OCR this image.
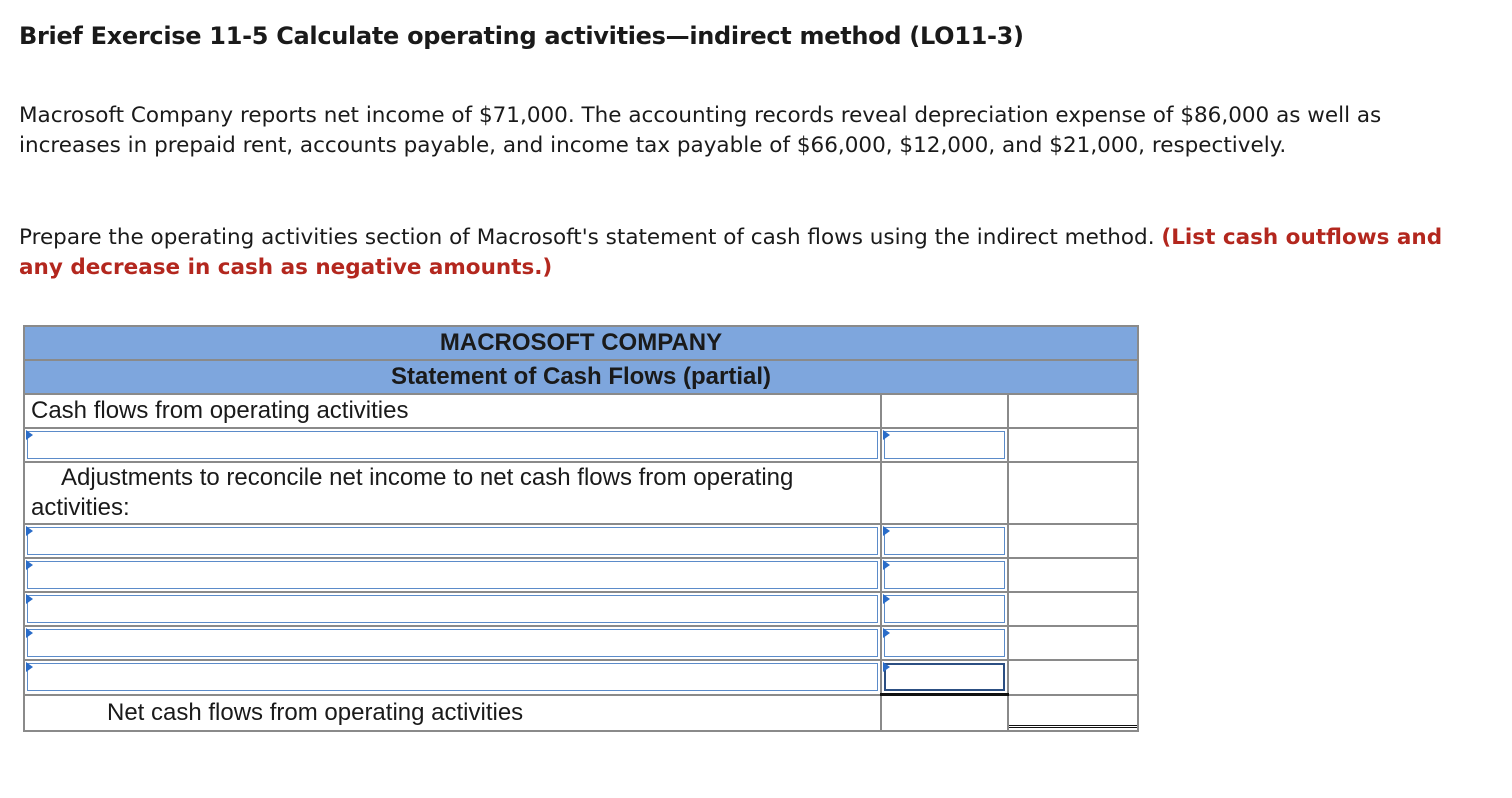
Brief Exercise 11-5 Calculate operating activities—indirect method (LO11-3)
Macrosoft Company reports net income of $71,000. The accounting records reveal depreciation expense of $86,000 as well as increases in prepaid rent, accounts payable, and income tax payable of $66,000, $12,000, and $21,000, respectively.
Prepare the operating activities section of Macrosoft's statement of cash flows using the indirect method. (List cash outflows and any decrease in cash as negative amounts.)
MACROSOFT COMPANY		
Statement of Cash Flows (partial)		
Cash flows from operating activities		

Adjustments to reconcile net income to net cash flows from operating activities:		

Net cash flows from operating activities		
